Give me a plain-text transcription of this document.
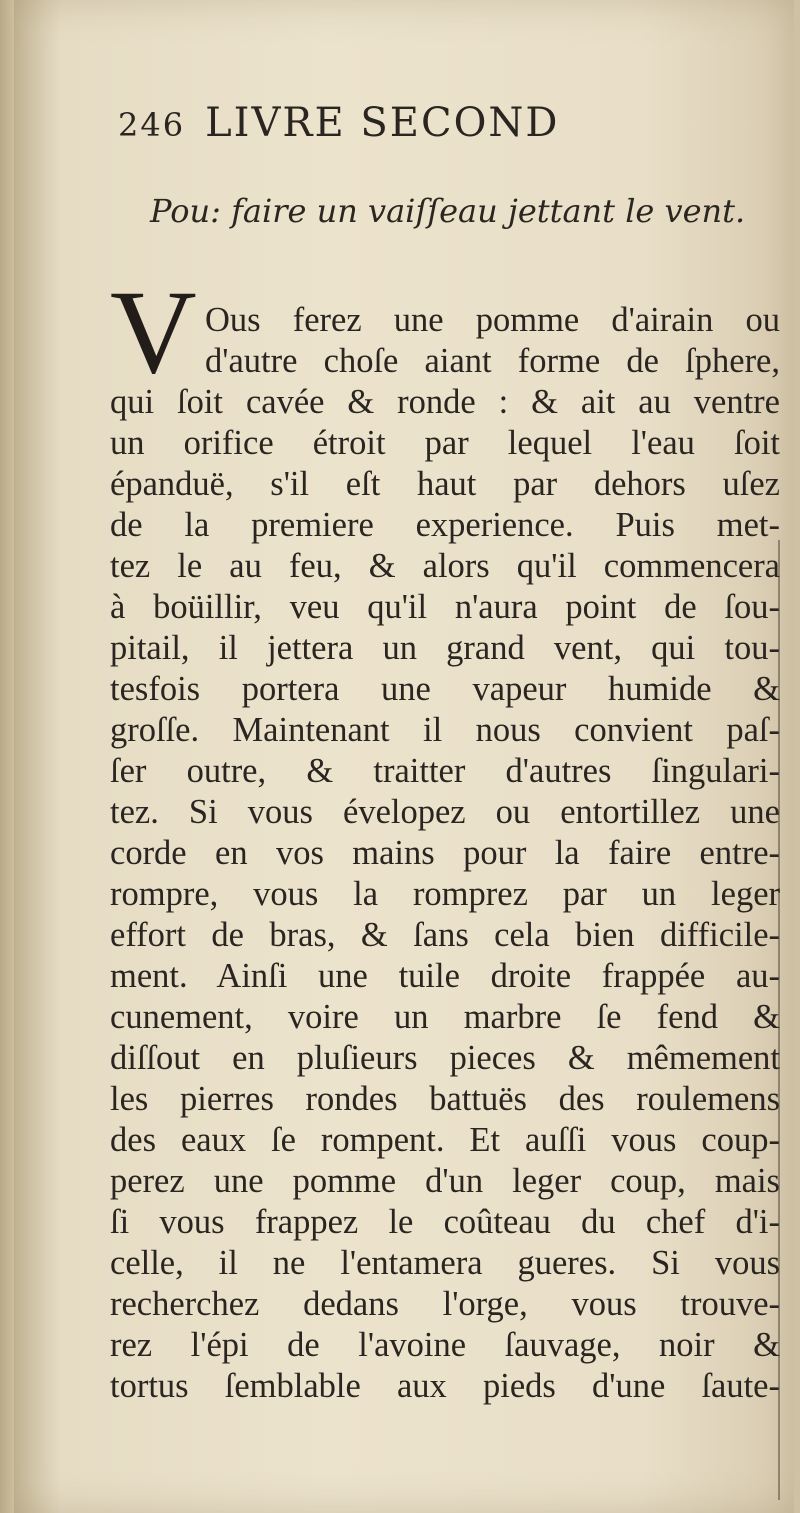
246 LIVRE SECOND
Pou: faire un vaiſſeau jettant le vent.
V Ous ferez une pomme d'airain ou
d'autre choſe aiant forme de ſphere,
qui ſoit cavée & ronde : & ait au ventre
un orifice étroit par lequel l'eau ſoit
épanduë, s'il eſt haut par dehors uſez
de la premiere experience. Puis met-
tez le au feu, & alors qu'il commencera
à boüillir, veu qu'il n'aura point de ſou-
pitail, il jettera un grand vent, qui tou-
tesfois portera une vapeur humide &
groſſe. Maintenant il nous convient paſ-
ſer outre, & traitter d'autres ſingulari-
tez. Si vous évelopez ou entortillez une
corde en vos mains pour la faire entre-
rompre, vous la romprez par un leger
effort de bras, & ſans cela bien difficile-
ment. Ainſi une tuile droite frappée au-
cunement, voire un marbre ſe fend &
diſſout en pluſieurs pieces & mêmement
les pierres rondes battuës des roulemens
des eaux ſe rompent. Et auſſi vous coup-
perez une pomme d'un leger coup, mais
ſi vous frappez le coûteau du chef d'i-
celle, il ne l'entamera gueres. Si vous
recherchez dedans l'orge, vous trouve-
rez l'épi de l'avoine ſauvage, noir &
tortus ſemblable aux pieds d'une ſaute-
